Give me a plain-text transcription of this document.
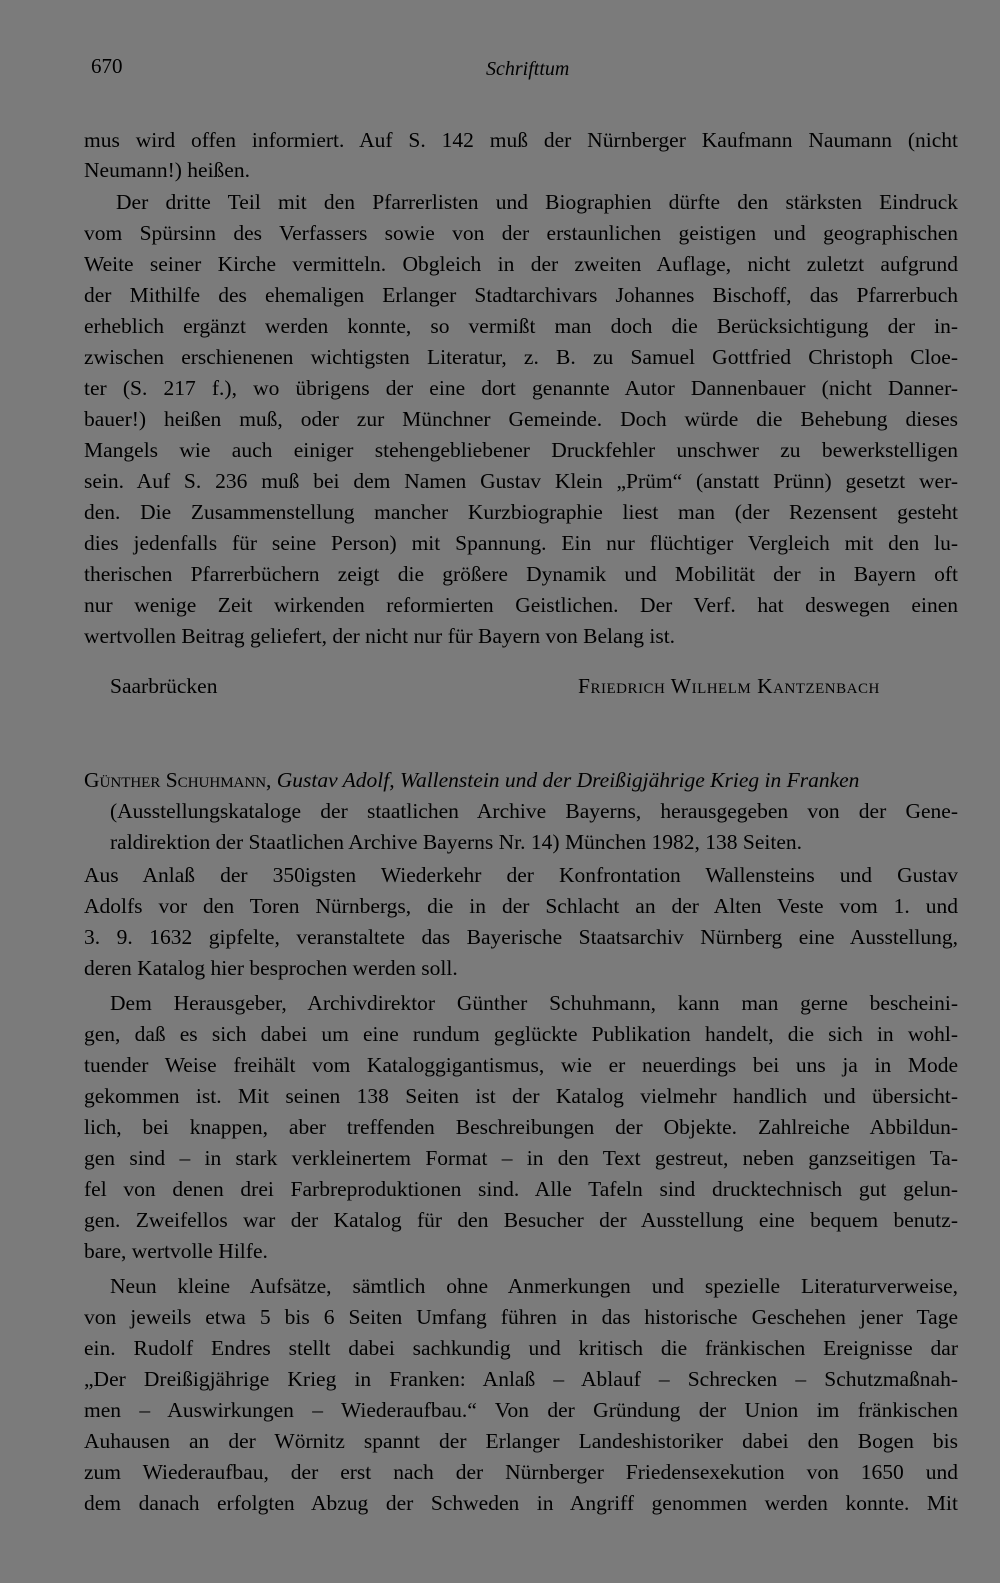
670	Schrifttum
mus wird offen informiert. Auf S. 142 muß der Nürnberger Kaufmann Naumann (nicht
Neumann!) heißen.
Der dritte Teil mit den Pfarrerlisten und Biographien dürfte den stärksten Eindruck
vom Spürsinn des Verfassers sowie von der erstaunlichen geistigen und geographischen
Weite seiner Kirche vermitteln. Obgleich in der zweiten Auflage, nicht zuletzt aufgrund
der Mithilfe des ehemaligen Erlanger Stadtarchivars Johannes Bischoff, das Pfarrerbuch
erheblich ergänzt werden konnte, so vermißt man doch die Berücksichtigung der in-
zwischen erschienenen wichtigsten Literatur, z. B. zu Samuel Gottfried Christoph Cloe-
ter (S. 217 f.), wo übrigens der eine dort genannte Autor Dannenbauer (nicht Danner-
bauer!) heißen muß, oder zur Münchner Gemeinde. Doch würde die Behebung dieses
Mangels wie auch einiger stehengebliebener Druckfehler unschwer zu bewerkstelligen
sein. Auf S. 236 muß bei dem Namen Gustav Klein „Prüm“ (anstatt Prünn) gesetzt wer-
den. Die Zusammenstellung mancher Kurzbiographie liest man (der Rezensent gesteht
dies jedenfalls für seine Person) mit Spannung. Ein nur flüchtiger Vergleich mit den lu-
therischen Pfarrerbüchern zeigt die größere Dynamik und Mobilität der in Bayern oft
nur wenige Zeit wirkenden reformierten Geistlichen. Der Verf. hat deswegen einen
wertvollen Beitrag geliefert, der nicht nur für Bayern von Belang ist.
Saarbrücken	Friedrich Wilhelm Kantzenbach
Günther Schuhmann, Gustav Adolf, Wallenstein und der Dreißigjährige Krieg in Franken
(Ausstellungskataloge der staatlichen Archive Bayerns, herausgegeben von der Gene-
raldirektion der Staatlichen Archive Bayerns Nr. 14) München 1982, 138 Seiten.
Aus Anlaß der 350igsten Wiederkehr der Konfrontation Wallensteins und Gustav
Adolfs vor den Toren Nürnbergs, die in der Schlacht an der Alten Veste vom 1. und
3. 9. 1632 gipfelte, veranstaltete das Bayerische Staatsarchiv Nürnberg eine Ausstellung,
deren Katalog hier besprochen werden soll.
Dem Herausgeber, Archivdirektor Günther Schuhmann, kann man gerne bescheini-
gen, daß es sich dabei um eine rundum geglückte Publikation handelt, die sich in wohl-
tuender Weise freihält vom Kataloggigantismus, wie er neuerdings bei uns ja in Mode
gekommen ist. Mit seinen 138 Seiten ist der Katalog vielmehr handlich und übersicht-
lich, bei knappen, aber treffenden Beschreibungen der Objekte. Zahlreiche Abbildun-
gen sind – in stark verkleinertem Format – in den Text gestreut, neben ganzseitigen Ta-
fel von denen drei Farbreproduktionen sind. Alle Tafeln sind drucktechnisch gut gelun-
gen. Zweifellos war der Katalog für den Besucher der Ausstellung eine bequem benutz-
bare, wertvolle Hilfe.
Neun kleine Aufsätze, sämtlich ohne Anmerkungen und spezielle Literaturverweise,
von jeweils etwa 5 bis 6 Seiten Umfang führen in das historische Geschehen jener Tage
ein. Rudolf Endres stellt dabei sachkundig und kritisch die fränkischen Ereignisse dar
„Der Dreißigjährige Krieg in Franken: Anlaß – Ablauf – Schrecken – Schutzmaßnah-
men – Auswirkungen – Wiederaufbau.“ Von der Gründung der Union im fränkischen
Auhausen an der Wörnitz spannt der Erlanger Landeshistoriker dabei den Bogen bis
zum Wiederaufbau, der erst nach der Nürnberger Friedensexekution von 1650 und
dem danach erfolgten Abzug der Schweden in Angriff genommen werden konnte. Mit
